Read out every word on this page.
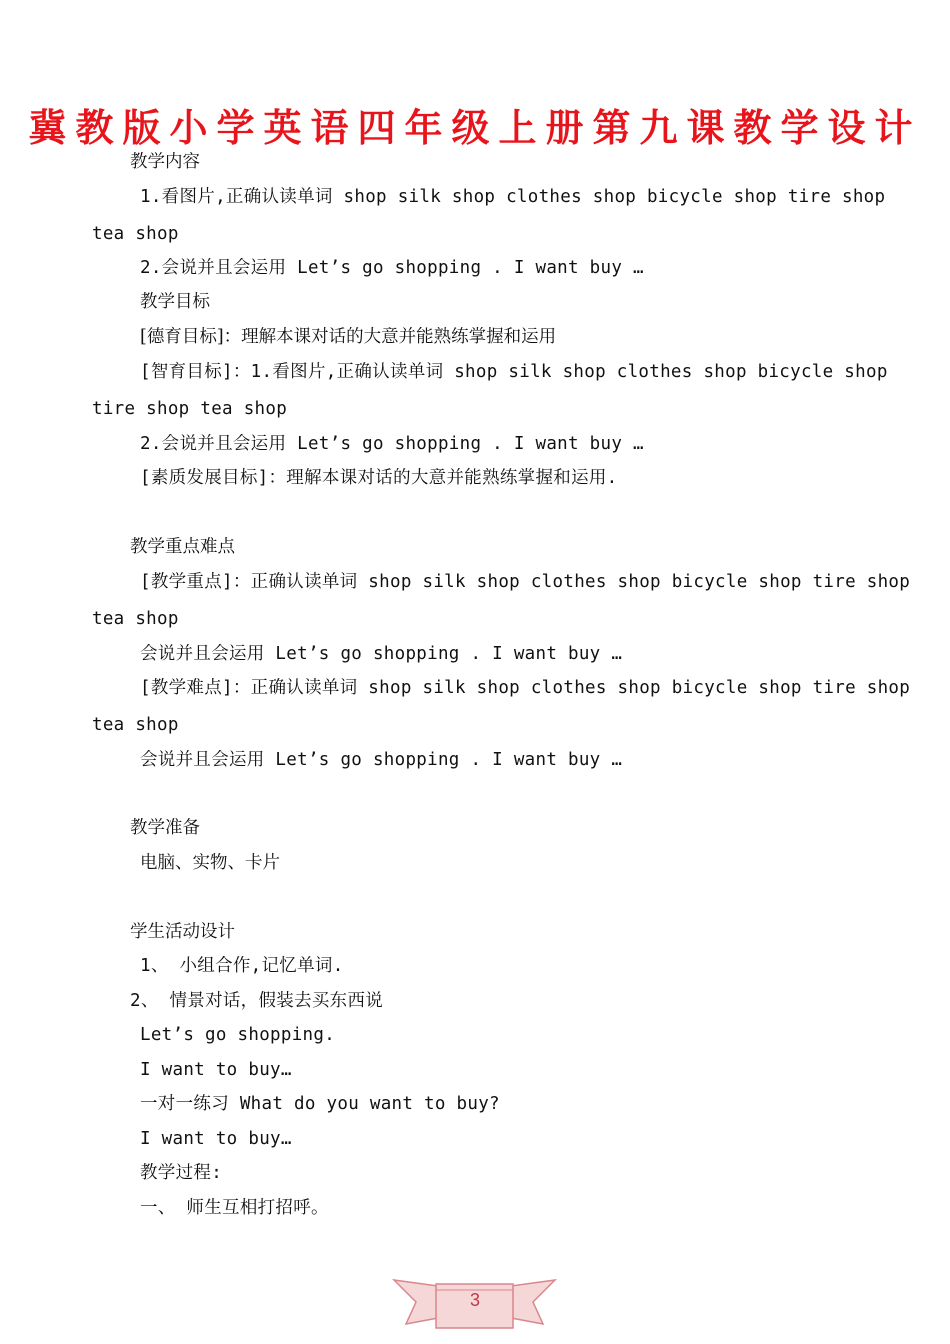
冀教版小学英语四年级上册第九课教学设计
教学内容
1.看图片,正确认读单词 shop silk shop clothes shop bicycle shop tire shop
tea shop
2.会说并且会运用 Let’s go shopping . I want buy …
教学目标
[德育目标]：理解本课对话的大意并能熟练掌握和运用
[智育目标]：1.看图片,正确认读单词 shop silk shop clothes shop bicycle shop
tire shop tea shop
2.会说并且会运用 Let’s go shopping . I want buy …
[素质发展目标]：理解本课对话的大意并能熟练掌握和运用.
教学重点难点
[教学重点]：正确认读单词 shop silk shop clothes shop bicycle shop tire shop
tea shop
会说并且会运用 Let’s go shopping . I want buy …
[教学难点]：正确认读单词 shop silk shop clothes shop bicycle shop tire shop
tea shop
会说并且会运用 Let’s go shopping . I want buy …
教学准备
电脑、实物、卡片
学生活动设计
1、 小组合作,记忆单词.
2、 情景对话，假装去买东西说
Let’s go shopping.
I want to buy…
一对一练习 What do you want to buy?
I want to buy…
教学过程:
一、 师生互相打招呼。
3
